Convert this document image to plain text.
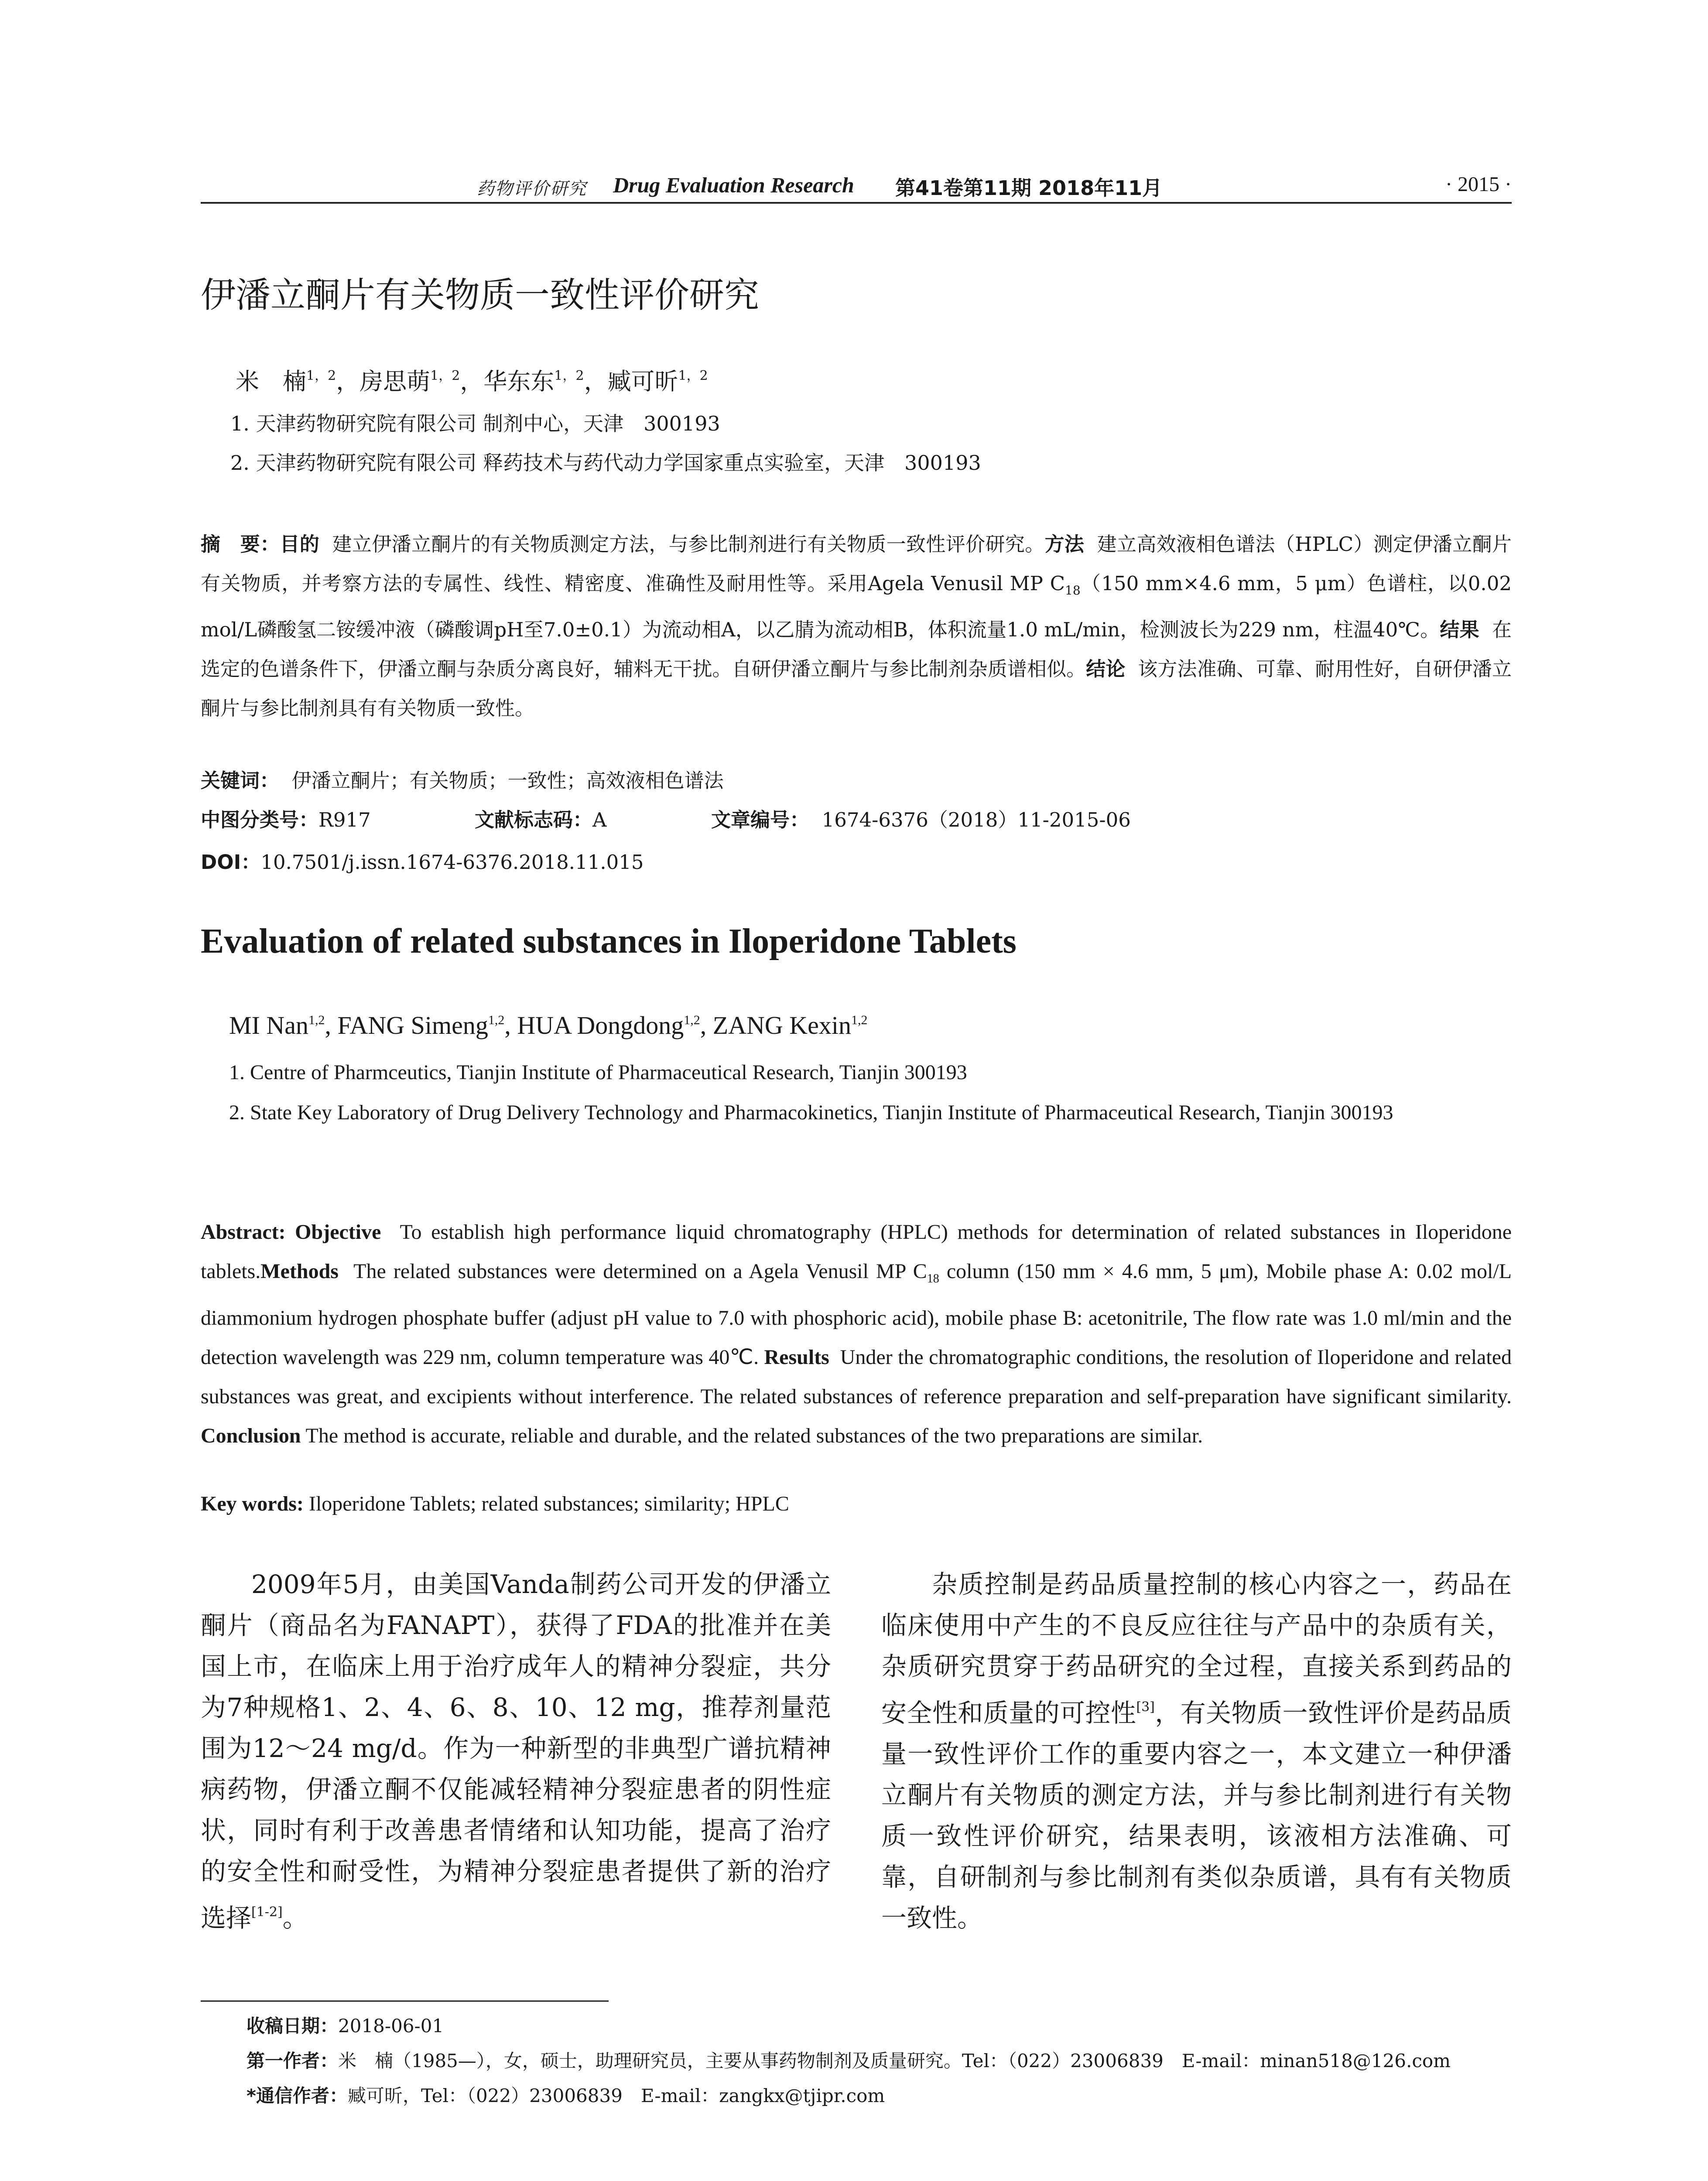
药物评价研究 Drug Evaluation Research 第41卷第11期 2018年11月	· 2015 ·
伊潘立酮片有关物质一致性评价研究
米　楠$^{1,2}$，房思萌$^{1,2}$，华东东$^{1,2}$，臧可昕$^{1,2}$
1. 天津药物研究院有限公司 制剂中心，天津　300193
2. 天津药物研究院有限公司 释药技术与药代动力学国家重点实验室，天津　300193
摘　要：目的 建立伊潘立酮片的有关物质测定方法，与参比制剂进行有关物质一致性评价研究。方法 建立高效液相色谱法（HPLC）测定伊潘立酮片有关物质，并考察方法的专属性、线性、精密度、准确性及耐用性等。采用Agela Venusil MP $C_{18}(150$ mm×4.6 mm，5 μm）色谱柱，以0.02 mol/L磷酸氢二铵缓冲液（磷酸调pH至7.0±0.1）为流动相A，以乙腈为流动相B，体积流量1.0 mL/min，检测波长为229 nm，柱温40℃。结果 在选定的色谱条件下，伊潘立酮与杂质分离良好，辅料无干扰。自研伊潘立酮片与参比制剂杂质谱相似。结论 该方法准确、可靠、耐用性好，自研伊潘立酮片与参比制剂具有有关物质一致性。
关键词： 伊潘立酮片；有关物质；一致性；高效液相色谱法
中图分类号：R917	文献标志码：A	文章编号： 1674-6376（2018）11-2015-06
DOI：10.7501/j.issn.1674-6376.2018.11.015
Evaluation of related substances in Iloperidone Tablets
MI Nan$^{1,2}$, FANG Simeng$^{1,2}$, HUA Dongdong$^{1,2}$, ZANG Kexin$^{1,2}$
1. Centre of Pharmceutics, Tianjin Institute of Pharmaceutical Research, Tianjin 300193
2. State Key Laboratory of Drug Delivery Technology and Pharmacokinetics, Tianjin Institute of Pharmaceutical Research, Tianjin 300193
Abstract: Objective To establish high performance liquid chromatography (HPLC) methods for determination of related substances in Iloperidone tablets.Methods The related substances were determined on a Agela Venusil MP $C_{18}$ column (150 mm × 4.6 mm, 5 μm), Mobile phase A: 0.02 mol/L diammonium hydrogen phosphate buffer (adjust pH value to 7.0 with phosphoric acid), mobile phase B: acetonitrile, The flow rate was 1.0 ml/min and the detection wavelength was 229 nm, column temperature was 40℃. Results Under the chromatographic conditions, the resolution of Iloperidone and related substances was great, and excipients without interference. The related substances of reference preparation and self-preparation have significant similarity. Conclusion The method is accurate, reliable and durable, and the related substances of the two preparations are similar.
Key words: Iloperidone Tablets; related substances; similarity; HPLC

2009年5月，由美国Vanda制药公司开发的伊潘立酮片（商品名为FANAPT），获得了FDA的批准并在美国上市，在临床上用于治疗成年人的精神分裂症，共分为7种规格1、2、4、6、8、10、12 mg，推荐剂量范围为12～24 mg/d。作为一种新型的非典型广谱抗精神病药物，伊潘立酮不仅能减轻精神分裂症患者的阴性症状，同时有利于改善患者情绪和认知功能，提高了治疗的安全性和耐受性，为精神分裂症患者提供了新的治疗选择[1-2]。

杂质控制是药品质量控制的核心内容之一，药品在临床使用中产生的不良反应往往与产品中的杂质有关，杂质研究贯穿于药品研究的全过程，直接关系到药品的安全性和质量的可控性[3]，有关物质一致性评价是药品质量一致性评价工作的重要内容之一，本文建立一种伊潘立酮片有关物质的测定方法，并与参比制剂进行有关物质一致性评价研究，结果表明，该液相方法准确、可靠，自研制剂与参比制剂有类似杂质谱，具有有关物质一致性。

收稿日期：2018-06-01
第一作者：米　楠（1985—），女，硕士，助理研究员，主要从事药物制剂及质量研究。Tel：（022）23006839　E-mail：minan518@126.com
*通信作者：臧可昕，Tel：（022）23006839　E-mail：zangkx@tjipr.com
